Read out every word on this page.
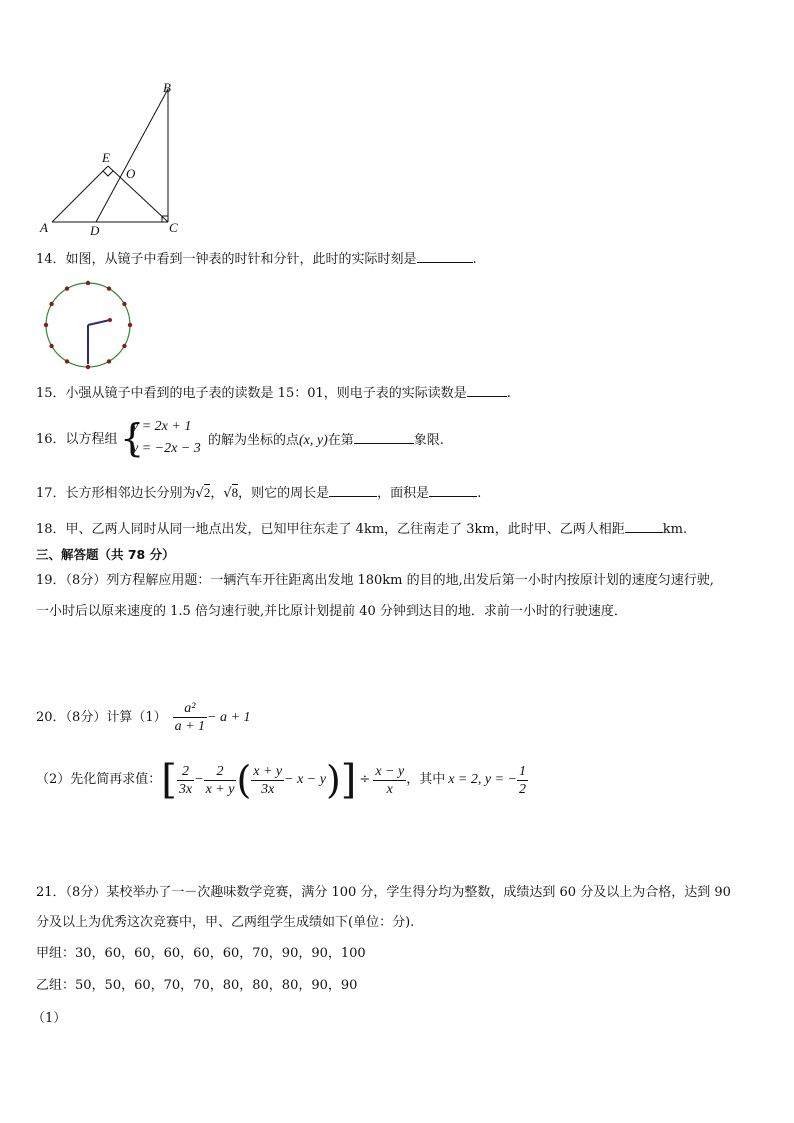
B
E
O
A	D	C
14．如图，从镜子中看到一钟表的时针和分针，此时的实际时刻是	.
15．小强从镜子中看到的电子表的读数是 15：01，则电子表的实际读数是	.
16．以方程组 {
y = 2x + 1
y = −2x − 3
的解为坐标的点(x, y)在第	象限.
17．长方形相邻边长分别为√2，√8，则它的周长是	，面积是	.
18．甲、乙两人同时从同一地点出发，已知甲往东走了 4km，乙往南走了 3km，此时甲、乙两人相距	km.
三、解答题（共 78 分）
19．（8分）列方程解应用题：一辆汽车开往距离出发地 180km 的目的地,出发后第一小时内按原计划的速度匀速行驶,
一小时后以原来速度的 1.5 倍匀速行驶,并比原计划提前 40 分钟到达目的地．求前一小时的行驶速度．
20．（8分）计算$(1) \frac{\text{a²}}{a + 1} - a + 1$
（2）先化简再求值： [ $\frac{2}{3x} - \frac{2}{x + y}$ ( $\frac{x + y}{3x} - x - y$ ) ] ÷ $\frac{x - y}{x}$ ，其中 x = 2, y = − $\frac{1}{2}$
21．（8分）某校举办了一－次趣味数学竞赛，满分 100 分，学生得分均为整数，成绩达到 60 分及以上为合格，达到 90
分及以上为优秀这次竞赛中，甲、乙两组学生成绩如下(单位：分).
甲组：30，60，60，60，60，60，70，90，90，100
乙组：50，50，60，70，70，80，80，80，90，90
（1）
